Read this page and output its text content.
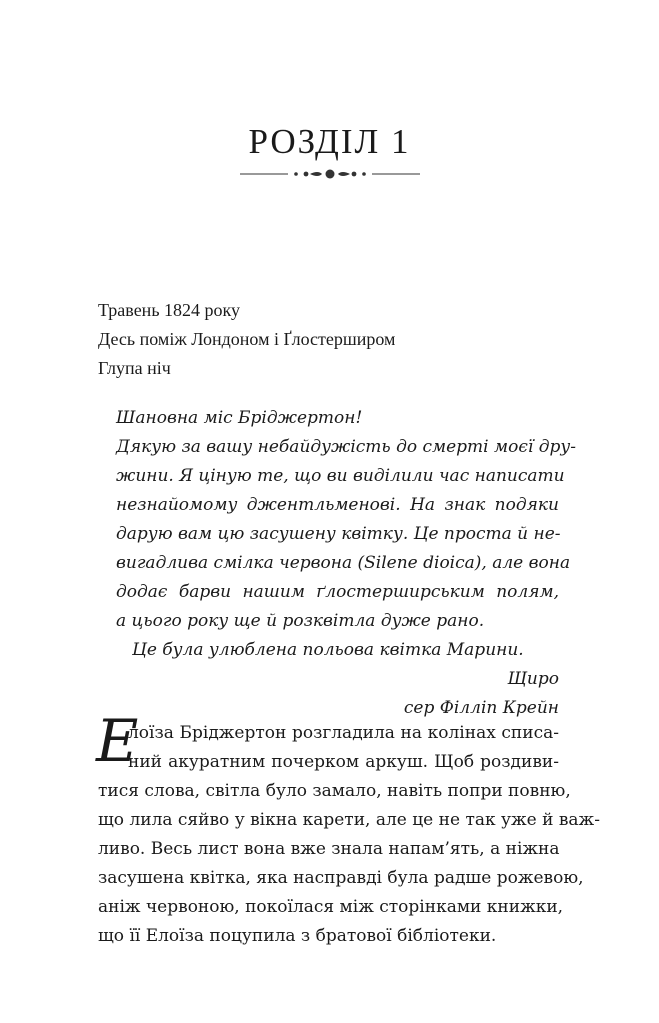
РОЗДІЛ 1
Травень 1824 року
Десь поміж Лондоном і Ґлостерширом
Глупа ніч
Шановна міс Бріджертон!
Дякую за вашу небайдужість до смерті моєї дру-
жини. Я ціную те, що ви виділили час написати
незнайомому джентльменові. На знак подяки
дарую вам цю засушену квітку. Це проста й не-
вигадлива смілка червона (Silene dioica), але вона
додає барви нашим ґлостерширським полям,
а цього року ще й розквітла дуже рано.
Це була улюблена польова квітка Марини.
Щиро
сер Філліп Крейн
Е
лоїза Бріджертон розгладила на колінах списа-
ний акуратним почерком аркуш. Щоб роздиви-
тися слова, світла було замало, навіть попри повню,
що лила сяйво у вікна карети, але це не так уже й важ-
ливо. Весь лист вона вже знала напам’ять, а ніжна
засушена квітка, яка насправді була радше рожевою,
аніж червоною, покоїлася між сторінками книжки,
що її Елоїза поцупила з братової бібліотеки.
